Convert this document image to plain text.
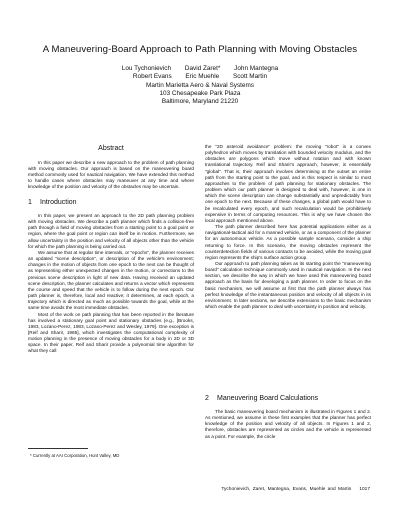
A Maneuvering-Board Approach to Path Planning with Moving Obstacles
Lou Tychonievich David Zaret* John Mantegna
Robert Evans Eric Muehle Scott Martin
Martin Marietta Aero & Naval Systems
103 Chesapeake Park Plaza
Baltimore, Maryland 21220
Abstract

In this paper we describe a new approach to the problem of path planning with moving obstacles. Our approach is based on the maneuvering board method commonly used for nautical navigation. We have extended this method to handle cases where obstacles may maneuver at any time and where knowledge of the position and velocity of the obstacles may be uncertain.

1 Introduction

In this paper, we present an approach to the 2D path planning problem with moving obstacles. We describe a path planner which finds a collision-free path through a field of moving obstacles from a starting point to a goal point or region, where the goal point or region can itself be in motion. Furthermore, we allow uncertainty in the position and velocity of all objects other than the vehicle for which the path planning is being carried out.

We assume that at regular time intervals, or "epochs", the planner receives an updated "scene description", or description of the vehicle's environment; changes in the motion of objects from one epoch to the next can be thought of as representing either unexpected changes in the motion, or corrections to the previous scene description in light of new data. Having received an updated scene description, the planner calculates and returns a vector which represents the course and speed that the vehicle is to follow during the next epoch. Our path planner is, therefore, local and reactive; it determines, at each epoch, a trajectory which is directed as much as possible towards the goal, while at the same time avoids the most immediate obstacles.

Most of the work on path planning that has been reported in the literature has involved a stationary goal point and stationary obstacles (e.g., [Brooks, 1983, Lozano-Perez, 1983, Lozano-Perez and Wesley, 1979]. One exception is [Reif and Sharir, 1985], which investigates the computational complexity of motion planning in the presence of moving obstacles for a body in 2D or 3D space. In their paper, Reif and Sharir provide a polynomial time algorithm for what they call

* Currently at AAI Corporation, Hunt Valley, MD

the "2D asteroid avoidance" problem: the moving "robot" is a convex polyhedron which moves by translation with bounded velocity modulus, and the obstacles are polygons which move without rotation and with known translational trajectory. Reif and Sharir's approach, however, is essentially "global". That is, their approach involves determining at the outset an entire path from the starting point to the goal, and in this respect is similar to most approaches to the problem of path planning for stationary obstacles. The problem which our path planner is designed to deal with, however, is one in which the scene description can change substantially and unpredictably from one epoch to the next. Because of these changes, a global path would have to be recalculated every epoch, and such recalculation would be prohibitively expensive in terms of computing resources. This is why we have chosen the local approach mentioned above.

The path planner described here has potential applications either as a navigational-tactical aid for a manned vehicle, or as a component of the planner for an autonomous vehicle. As a possible sample scenario, consider a ship returning to force. In this scenario, the moving obstacles represent the counterdetection fields of various contacts to be avoided, while the moving goal region represents the ship's surface action group.

Our approach to path planning takes as its starting point the "maneuvering board" calculation technique commonly used in nautical navigation. In the next section, we describe the way in which we have used this maneuvering board approach as the basis for developing a path planner. In order to focus on the basic mechanism, we will assume at first that the path planner always has perfect knowledge of the instantaneous position and velocity of all objects in its environment. In later sections, we describe extensions to the basic mechanism which enable the path planner to deal with uncertainty in position and velocity.

2 Maneuvering Board Calculations

The basic maneuvering board mechanism is illustrated in Figures 1 and 2. As mentioned, we assume in these first examples that the planner has perfect knowledge of the position and velocity of all objects. In Figures 1 and 2, therefore, obstacles are represented as circles and the vehicle is represented as a point. For example, the circle

Tychonievich, Zaret, Mantegna, Evans, Muehle and Martin 1017
